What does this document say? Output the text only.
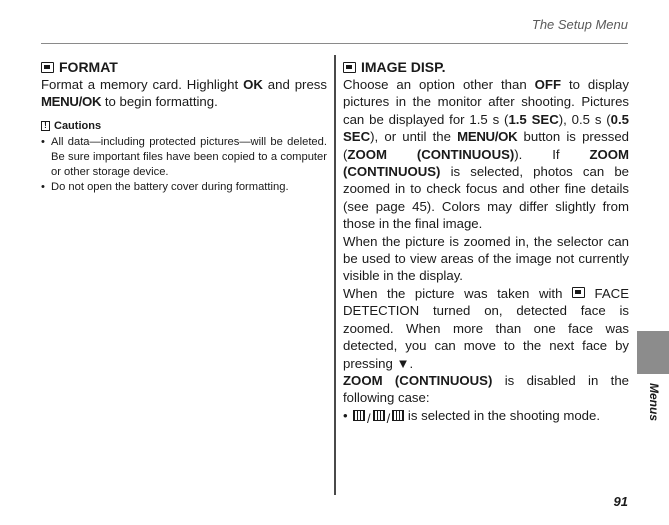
The Setup Menu
FORMAT

Format a memory card. Highlight OK and press MENU/OK to begin formatting.

! Cautions
• All data—including protected pictures—will be deleted. Be sure important files have been copied to a computer or other storage device.
• Do not open the battery cover during formatting.
IMAGE DISP.

Choose an option other than OFF to display pictures in the monitor after shooting. Pictures can be displayed for 1.5 s (1.5 SEC), 0.5 s (0.5 SEC), or until the MENU/OK button is pressed (ZOOM (CONTINUOUS)). If ZOOM (CONTINUOUS) is selected, photos can be zoomed in to check focus and other fine details (see page 45). Colors may differ slightly from those in the final image.

When the picture is zoomed in, the selector can be used to view areas of the image not currently visible in the display.

When the picture was taken with  FACE DETECTION turned on, detected face is zoomed. When more than one face was detected, you can move to the next face by pressing ▼.

ZOOM (CONTINUOUS) is disabled in the following case:

• / / is selected in the shooting mode.	Menus
91
